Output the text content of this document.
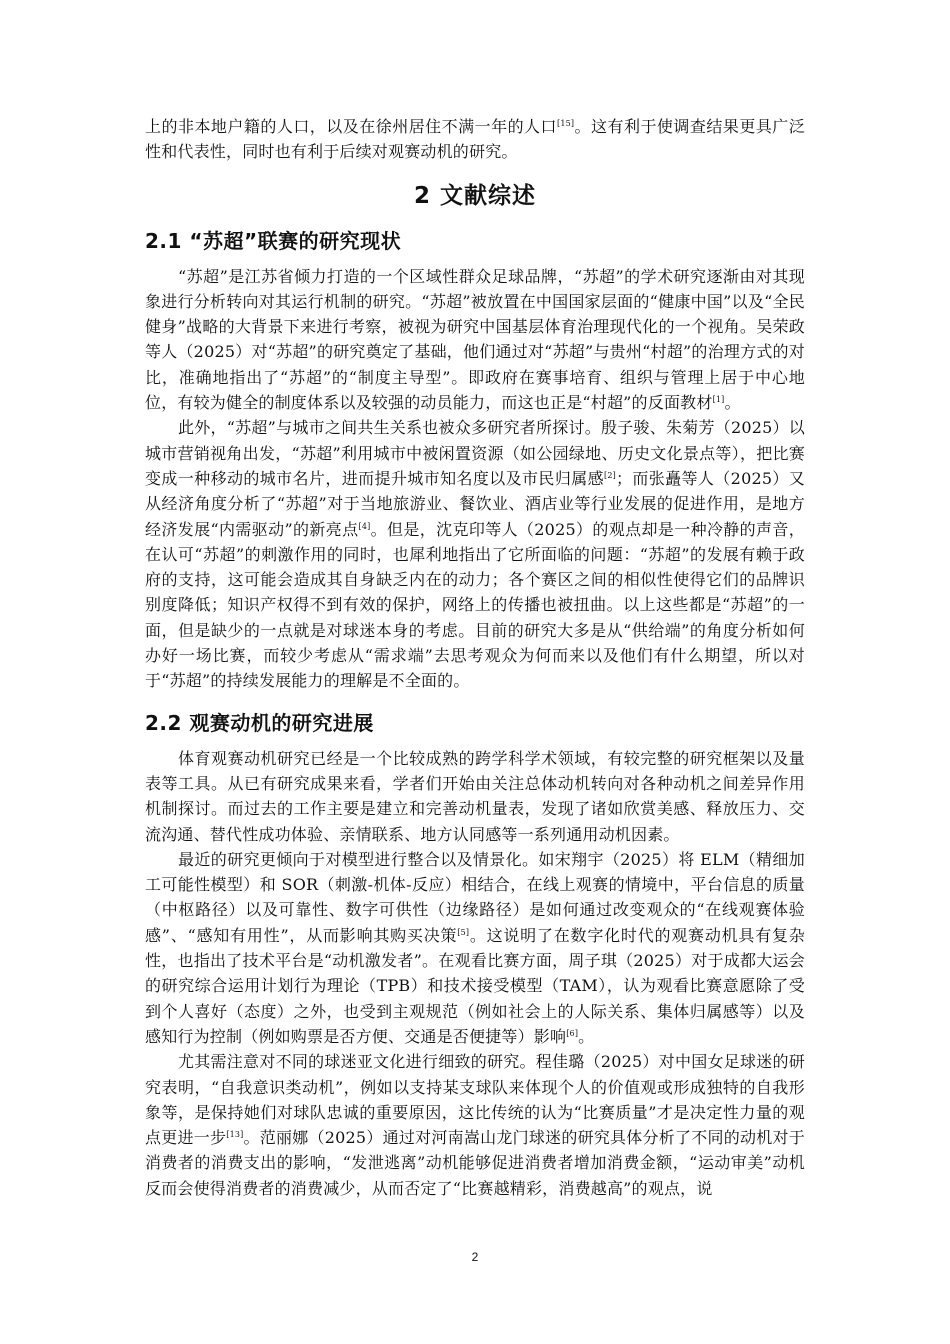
上的非本地户籍的人口，以及在徐州居住不满一年的人口[15]。这有利于使调查结果更具广泛性和代表性，同时也有利于后续对观赛动机的研究。

2 文献综述
2.1 “苏超”联赛的研究现状

“苏超”是江苏省倾力打造的一个区域性群众足球品牌，“苏超”的学术研究逐渐由对其现象进行分析转向对其运行机制的研究。“苏超”被放置在中国国家层面的“健康中国”以及“全民健身”战略的大背景下来进行考察，被视为研究中国基层体育治理现代化的一个视角。吴荣政等人（2025）对“苏超”的研究奠定了基础，他们通过对“苏超”与贵州“村超”的治理方式的对比，准确地指出了“苏超”的“制度主导型”。即政府在赛事培育、组织与管理上居于中心地位，有较为健全的制度体系以及较强的动员能力，而这也正是“村超”的反面教材[1]。

此外，“苏超”与城市之间共生关系也被众多研究者所探讨。殷子骏、朱菊芳（2025）以城市营销视角出发，“苏超”利用城市中被闲置资源（如公园绿地、历史文化景点等），把比赛变成一种移动的城市名片，进而提升城市知名度以及市民归属感[2]；而张矗等人（2025）又从经济角度分析了“苏超”对于当地旅游业、餐饮业、酒店业等行业发展的促进作用，是地方经济发展“内需驱动”的新亮点[4]。但是，沈克印等人（2025）的观点却是一种冷静的声音，在认可“苏超”的刺激作用的同时，也犀利地指出了它所面临的问题：“苏超”的发展有赖于政府的支持，这可能会造成其自身缺乏内在的动力；各个赛区之间的相似性使得它们的品牌识别度降低；知识产权得不到有效的保护，网络上的传播也被扭曲。以上这些都是“苏超”的一面，但是缺少的一点就是对球迷本身的考虑。目前的研究大多是从“供给端”的角度分析如何办好一场比赛，而较少考虑从“需求端”去思考观众为何而来以及他们有什么期望，所以对于“苏超”的持续发展能力的理解是不全面的。

2.2 观赛动机的研究进展

体育观赛动机研究已经是一个比较成熟的跨学科学术领域，有较完整的研究框架以及量表等工具。从已有研究成果来看，学者们开始由关注总体动机转向对各种动机之间差异作用机制探讨。而过去的工作主要是建立和完善动机量表，发现了诸如欣赏美感、释放压力、交流沟通、替代性成功体验、亲情联系、地方认同感等一系列通用动机因素。

最近的研究更倾向于对模型进行整合以及情景化。如宋翔宇（2025）将 ELM（精细加工可能性模型）和 SOR（刺激-机体-反应）相结合，在线上观赛的情境中，平台信息的质量（中枢路径）以及可靠性、数字可供性（边缘路径）是如何通过改变观众的“在线观赛体验感”、“感知有用性”，从而影响其购买决策[5]。这说明了在数字化时代的观赛动机具有复杂性，也指出了技术平台是“动机激发者”。在观看比赛方面，周子琪（2025）对于成都大运会的研究综合运用计划行为理论（TPB）和技术接受模型（TAM），认为观看比赛意愿除了受到个人喜好（态度）之外，也受到主观规范（例如社会上的人际关系、集体归属感等）以及感知行为控制（例如购票是否方便、交通是否便捷等）影响[6]。

尤其需注意对不同的球迷亚文化进行细致的研究。程佳璐（2025）对中国女足球迷的研究表明，“自我意识类动机”，例如以支持某支球队来体现个人的价值观或形成独特的自我形象等，是保持她们对球队忠诚的重要原因，这比传统的认为“比赛质量”才是决定性力量的观点更进一步[13]。范丽娜（2025）通过对河南嵩山龙门球迷的研究具体分析了不同的动机对于消费者的消费支出的影响，“发泄逃离”动机能够促进消费者增加消费金额，“运动审美”动机反而会使得消费者的消费减少，从而否定了“比赛越精彩，消费越高”的观点，说

2
